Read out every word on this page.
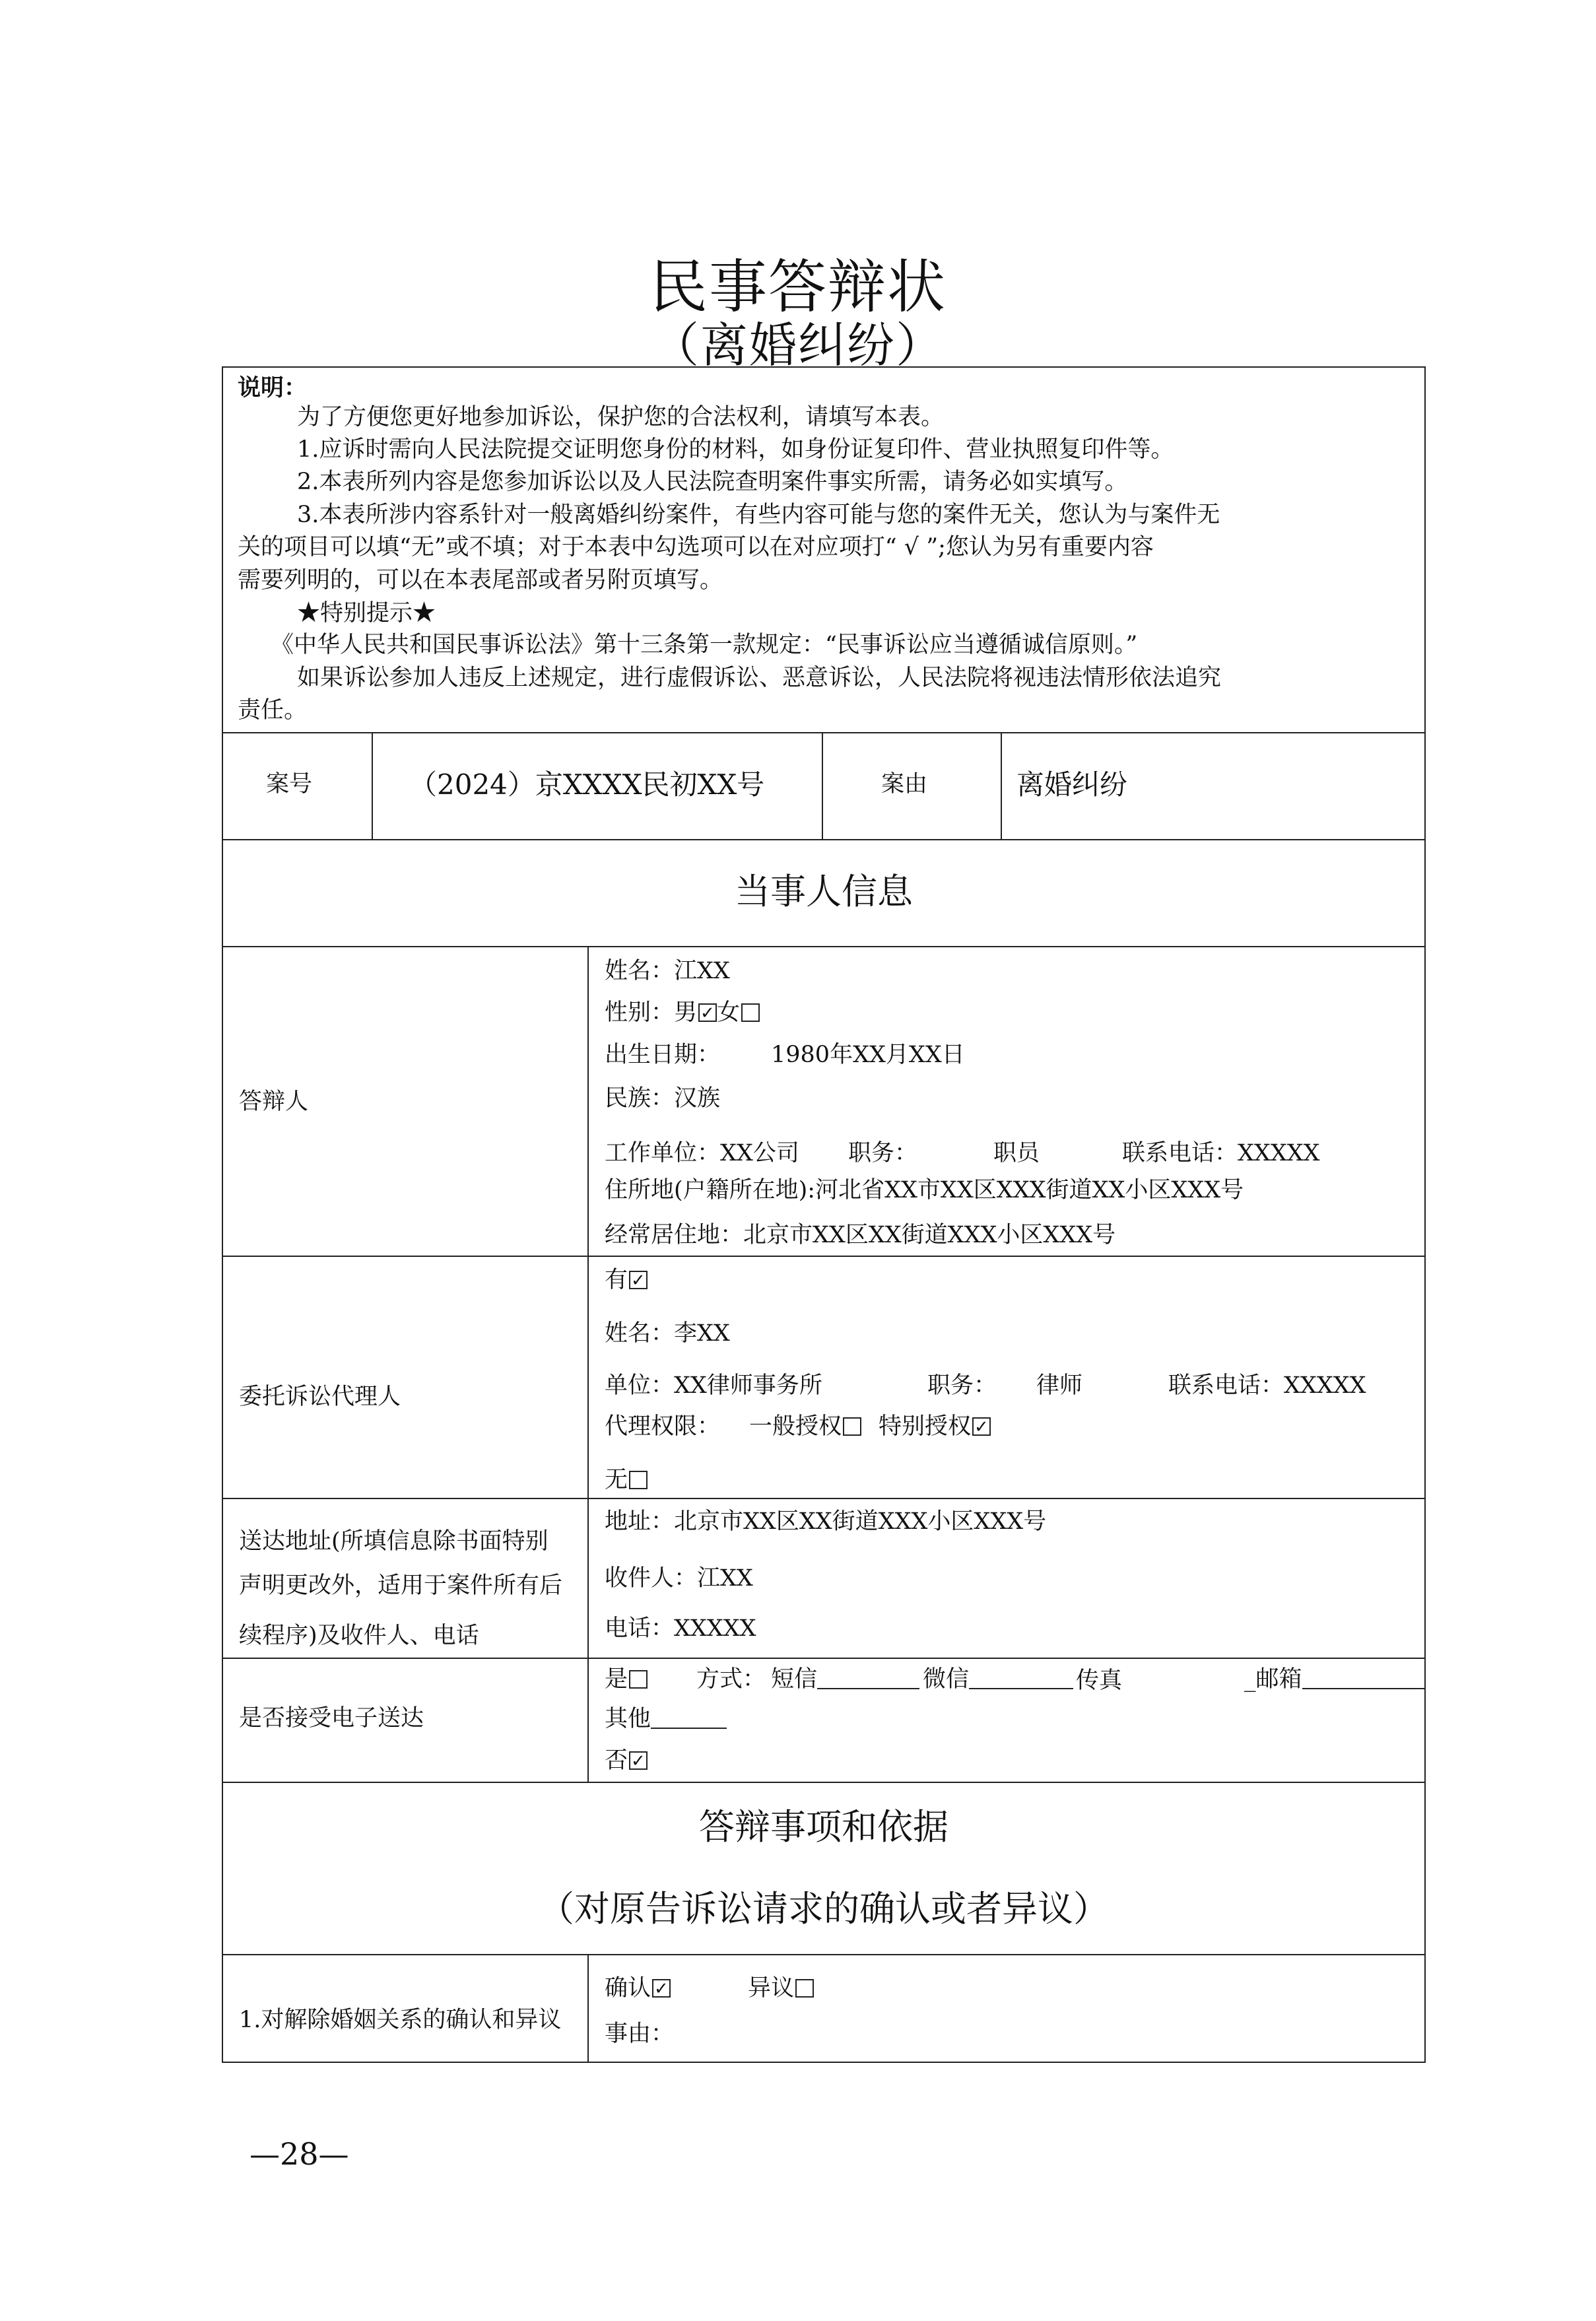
民事答辩状
（离婚纠纷）
说明：
为了方便您更好地参加诉讼，保护您的合法权利，请填写本表。
1.应诉时需向人民法院提交证明您身份的材料，如身份证复印件、营业执照复印件等。
2.本表所列内容是您参加诉讼以及人民法院查明案件事实所需，请务必如实填写。
3.本表所涉内容系针对一般离婚纠纷案件，有些内容可能与您的案件无关，您认为与案件无
关的项目可以填“无”或不填；对于本表中勾选项可以在对应项打“ √ ”;您认为另有重要内容
需要列明的，可以在本表尾部或者另附页填写。
★特别提示★
《中华人民共和国民事诉讼法》第十三条第一款规定：“民事诉讼应当遵循诚信原则。”
如果诉讼参加人违反上述规定，进行虚假诉讼、恶意诉讼，人民法院将视违法情形依法追究
责任。
案号	（2024）京XXXX民初XX号	案由	离婚纠纷
当事人信息
答辩人
姓名：江XX
性别：男 ✓ 女
出生日期： 1980年XX月XX日
民族：汉族
工作单位：XX公司 职务：	职员	联系电话：XXXXX
住所地(户籍所在地):河北省XX市XX区XXX街道XX小区XXX号
经常居住地：北京市XX区XX街道XXX小区XXX号
委托诉讼代理人
有✓
姓名：李XX
单位：XX律师事务所	职务： 律师	联系电话：XXXXX
代理权限： 一般授权 特别授权✓
无
送达地址(所填信息除书面特别
声明更改外，适用于案件所有后
续程序)及收件人、电话
地址：北京市XX区XX街道XXX小区XXX号
收件人：江XX
电话：XXXXX
是否接受电子送达
是	方式： 短信	微信	传真	_邮箱
其他
否✓
答辩事项和依据
（对原告诉讼请求的确认或者异议）
1.对解除婚姻关系的确认和异议
确认 ✓	异议
事由：
—28—
